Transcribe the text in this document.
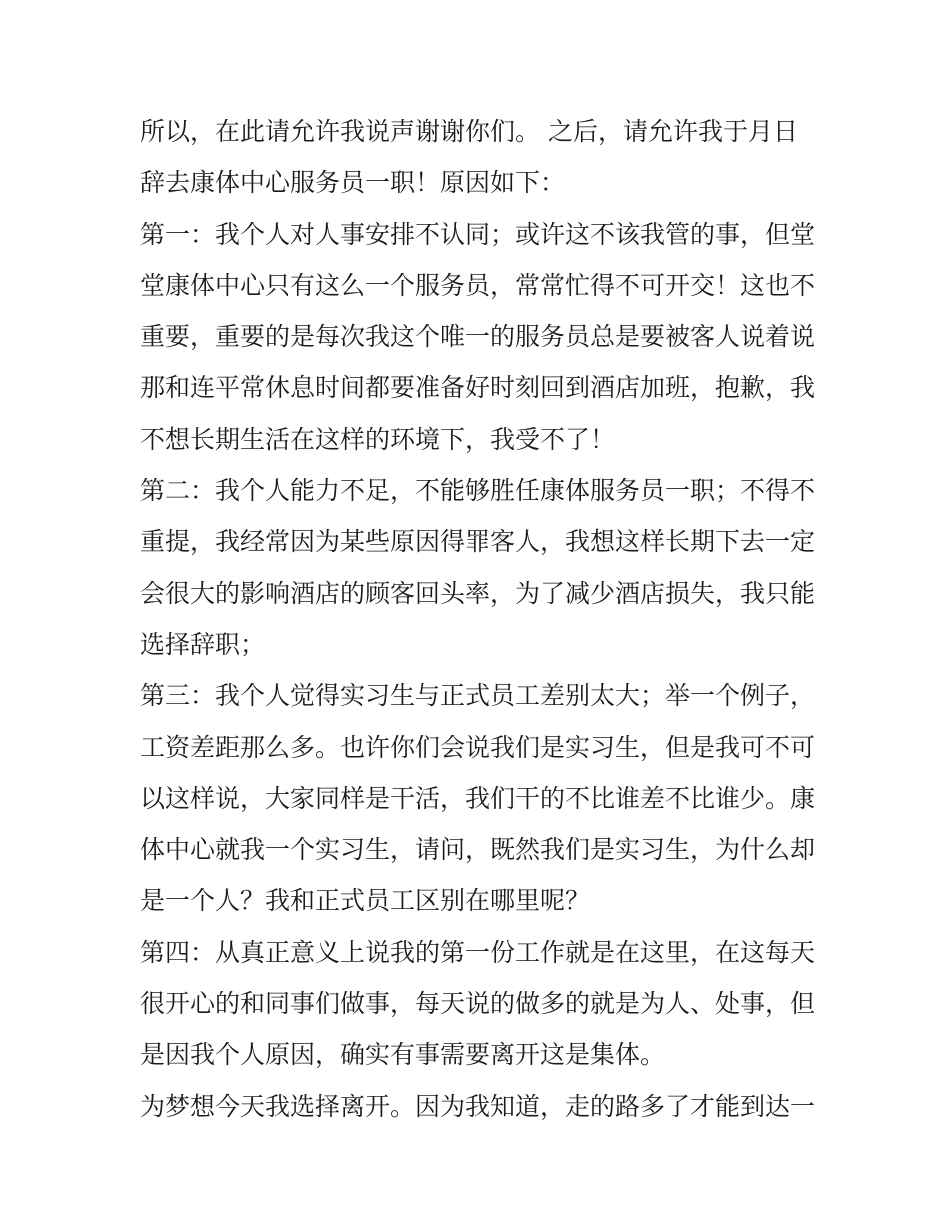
所以，在此请允许我说声谢谢你们。 之后，请允许我于月日
辞去康体中心服务员一职！原因如下：
第一：我个人对人事安排不认同；或许这不该我管的事，但堂
堂康体中心只有这么一个服务员，常常忙得不可开交！这也不
重要，重要的是每次我这个唯一的服务员总是要被客人说着说
那和连平常休息时间都要准备好时刻回到酒店加班，抱歉，我
不想长期生活在这样的环境下，我受不了！
第二：我个人能力不足，不能够胜任康体服务员一职；不得不
重提，我经常因为某些原因得罪客人，我想这样长期下去一定
会很大的影响酒店的顾客回头率，为了减少酒店损失，我只能
选择辞职；
第三：我个人觉得实习生与正式员工差别太大；举一个例子，
工资差距那么多。也许你们会说我们是实习生，但是我可不可
以这样说，大家同样是干活，我们干的不比谁差不比谁少。康
体中心就我一个实习生，请问，既然我们是实习生，为什么却
是一个人？我和正式员工区别在哪里呢？
第四：从真正意义上说我的第一份工作就是在这里，在这每天
很开心的和同事们做事，每天说的做多的就是为人、处事，但
是因我个人原因，确实有事需要离开这是集体。
为梦想今天我选择离开。因为我知道，走的路多了才能到达一
